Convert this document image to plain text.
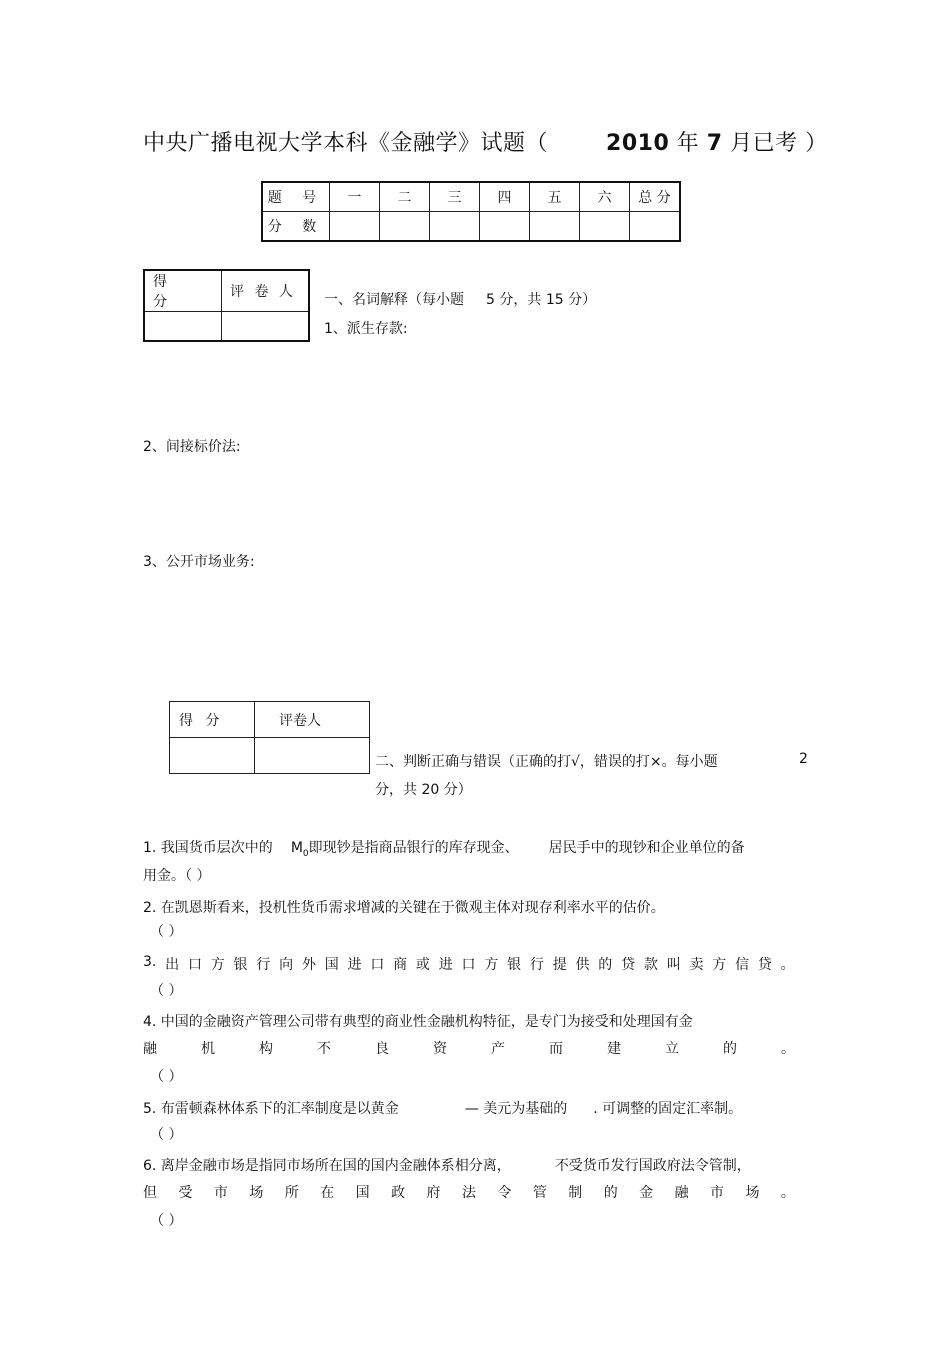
中央广播电视大学本科《金融学》试题（	2010 年 7 月已考 ）
题 号	一	二	三	四	五	六	总 分
分 数							
得 分	评 卷 人
	一、名词解释（每小题 5 分，共 15 分）
1、派生存款:
2、间接标价法:
3、公开市场业务:
得 分	评卷人

二、判断正确与错误（正确的打√，错误的打×。每小题	2
分，共 20 分）
1. 我国货币层次中的 $M_0$即现钞是指商品银行的库存现金、 居民手中的现钞和企业单位的备
用金。（ ）
2. 在凯恩斯看来，投机性货币需求增减的关键在于微观主体对现存利率水平的估价。
（ ）
3. 出 口 方 银 行 向 外 国 进 口 商 或 进 口 方 银 行 提 供 的 贷 款 叫 卖 方 信 贷 。
（ ）
4. 中国的金融资产管理公司带有典型的商业性金融机构特征，是专门为接受和处理国有金
融	机	构	不	良	资	产	而	建	立	的	。
（ ）
5. 布雷顿森林体系下的汇率制度是以黄金	— 美元为基础的 . 可调整的固定汇率制。
（ ）
6. 离岸金融市场是指同市场所在国的国内金融体系相分离，	不受货币发行国政府法令管制，
但 受 市 场 所 在 国 政 府 法 令 管 制 的 金 融 市 场 。
（ ）
